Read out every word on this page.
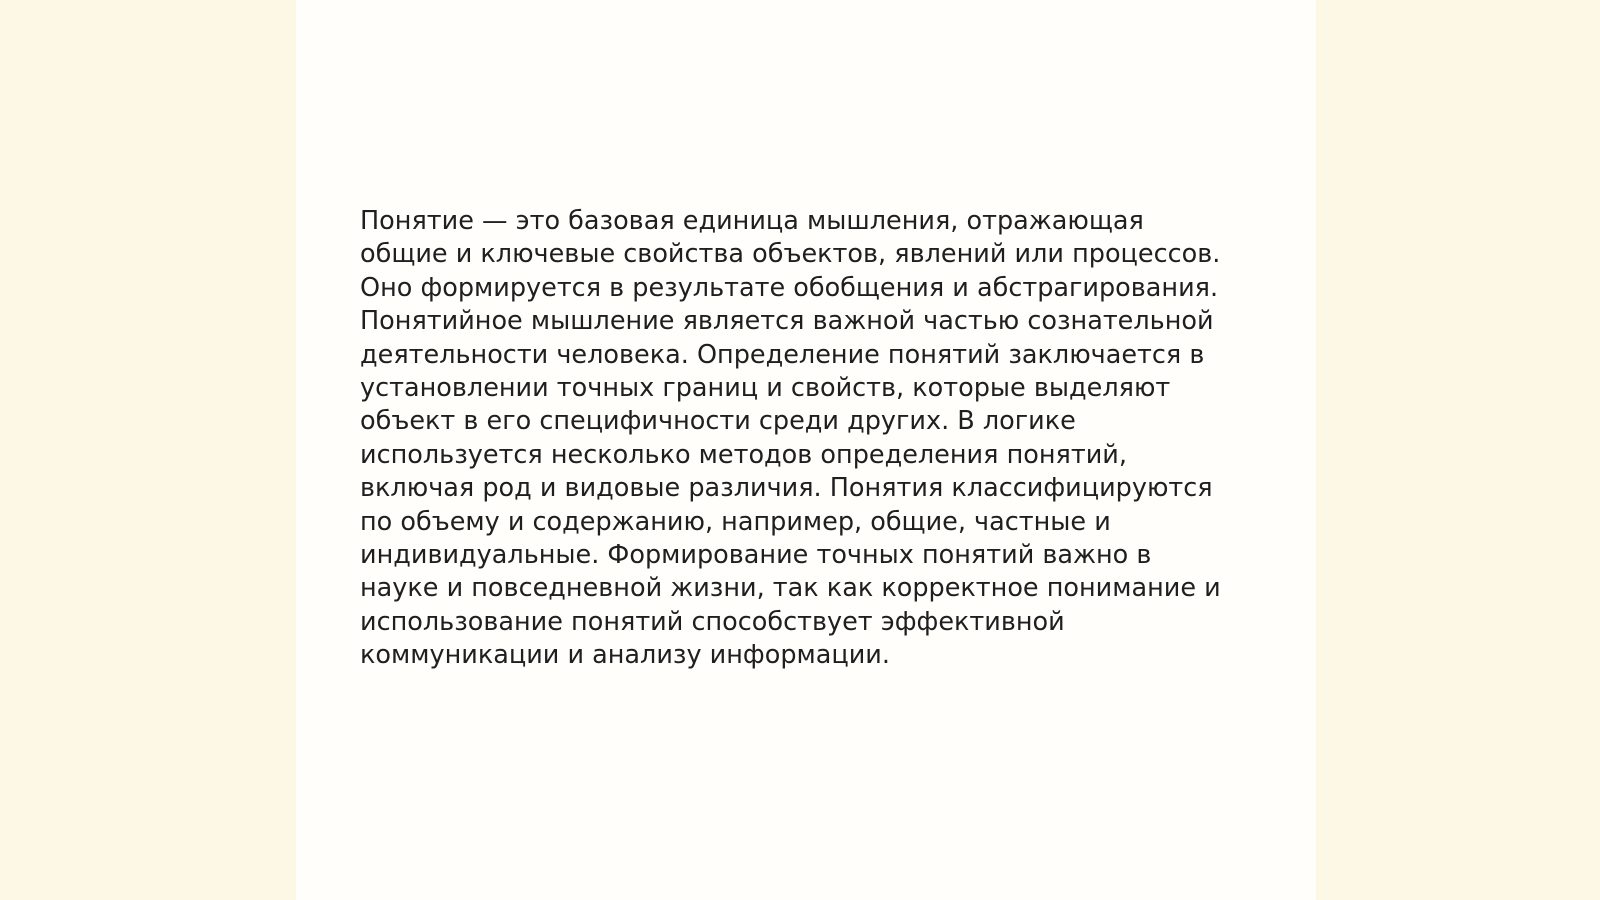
Понятие — это базовая единица мышления, отражающая
общие и ключевые свойства объектов, явлений или процессов.
Оно формируется в результате обобщения и абстрагирования.
Понятийное мышление является важной частью сознательной
деятельности человека. Определение понятий заключается в
установлении точных границ и свойств, которые выделяют
объект в его специфичности среди других. В логике
используется несколько методов определения понятий,
включая род и видовые различия. Понятия классифицируются
по объему и содержанию, например, общие, частные и
индивидуальные. Формирование точных понятий важно в
науке и повседневной жизни, так как корректное понимание и
использование понятий способствует эффективной
коммуникации и анализу информации.
